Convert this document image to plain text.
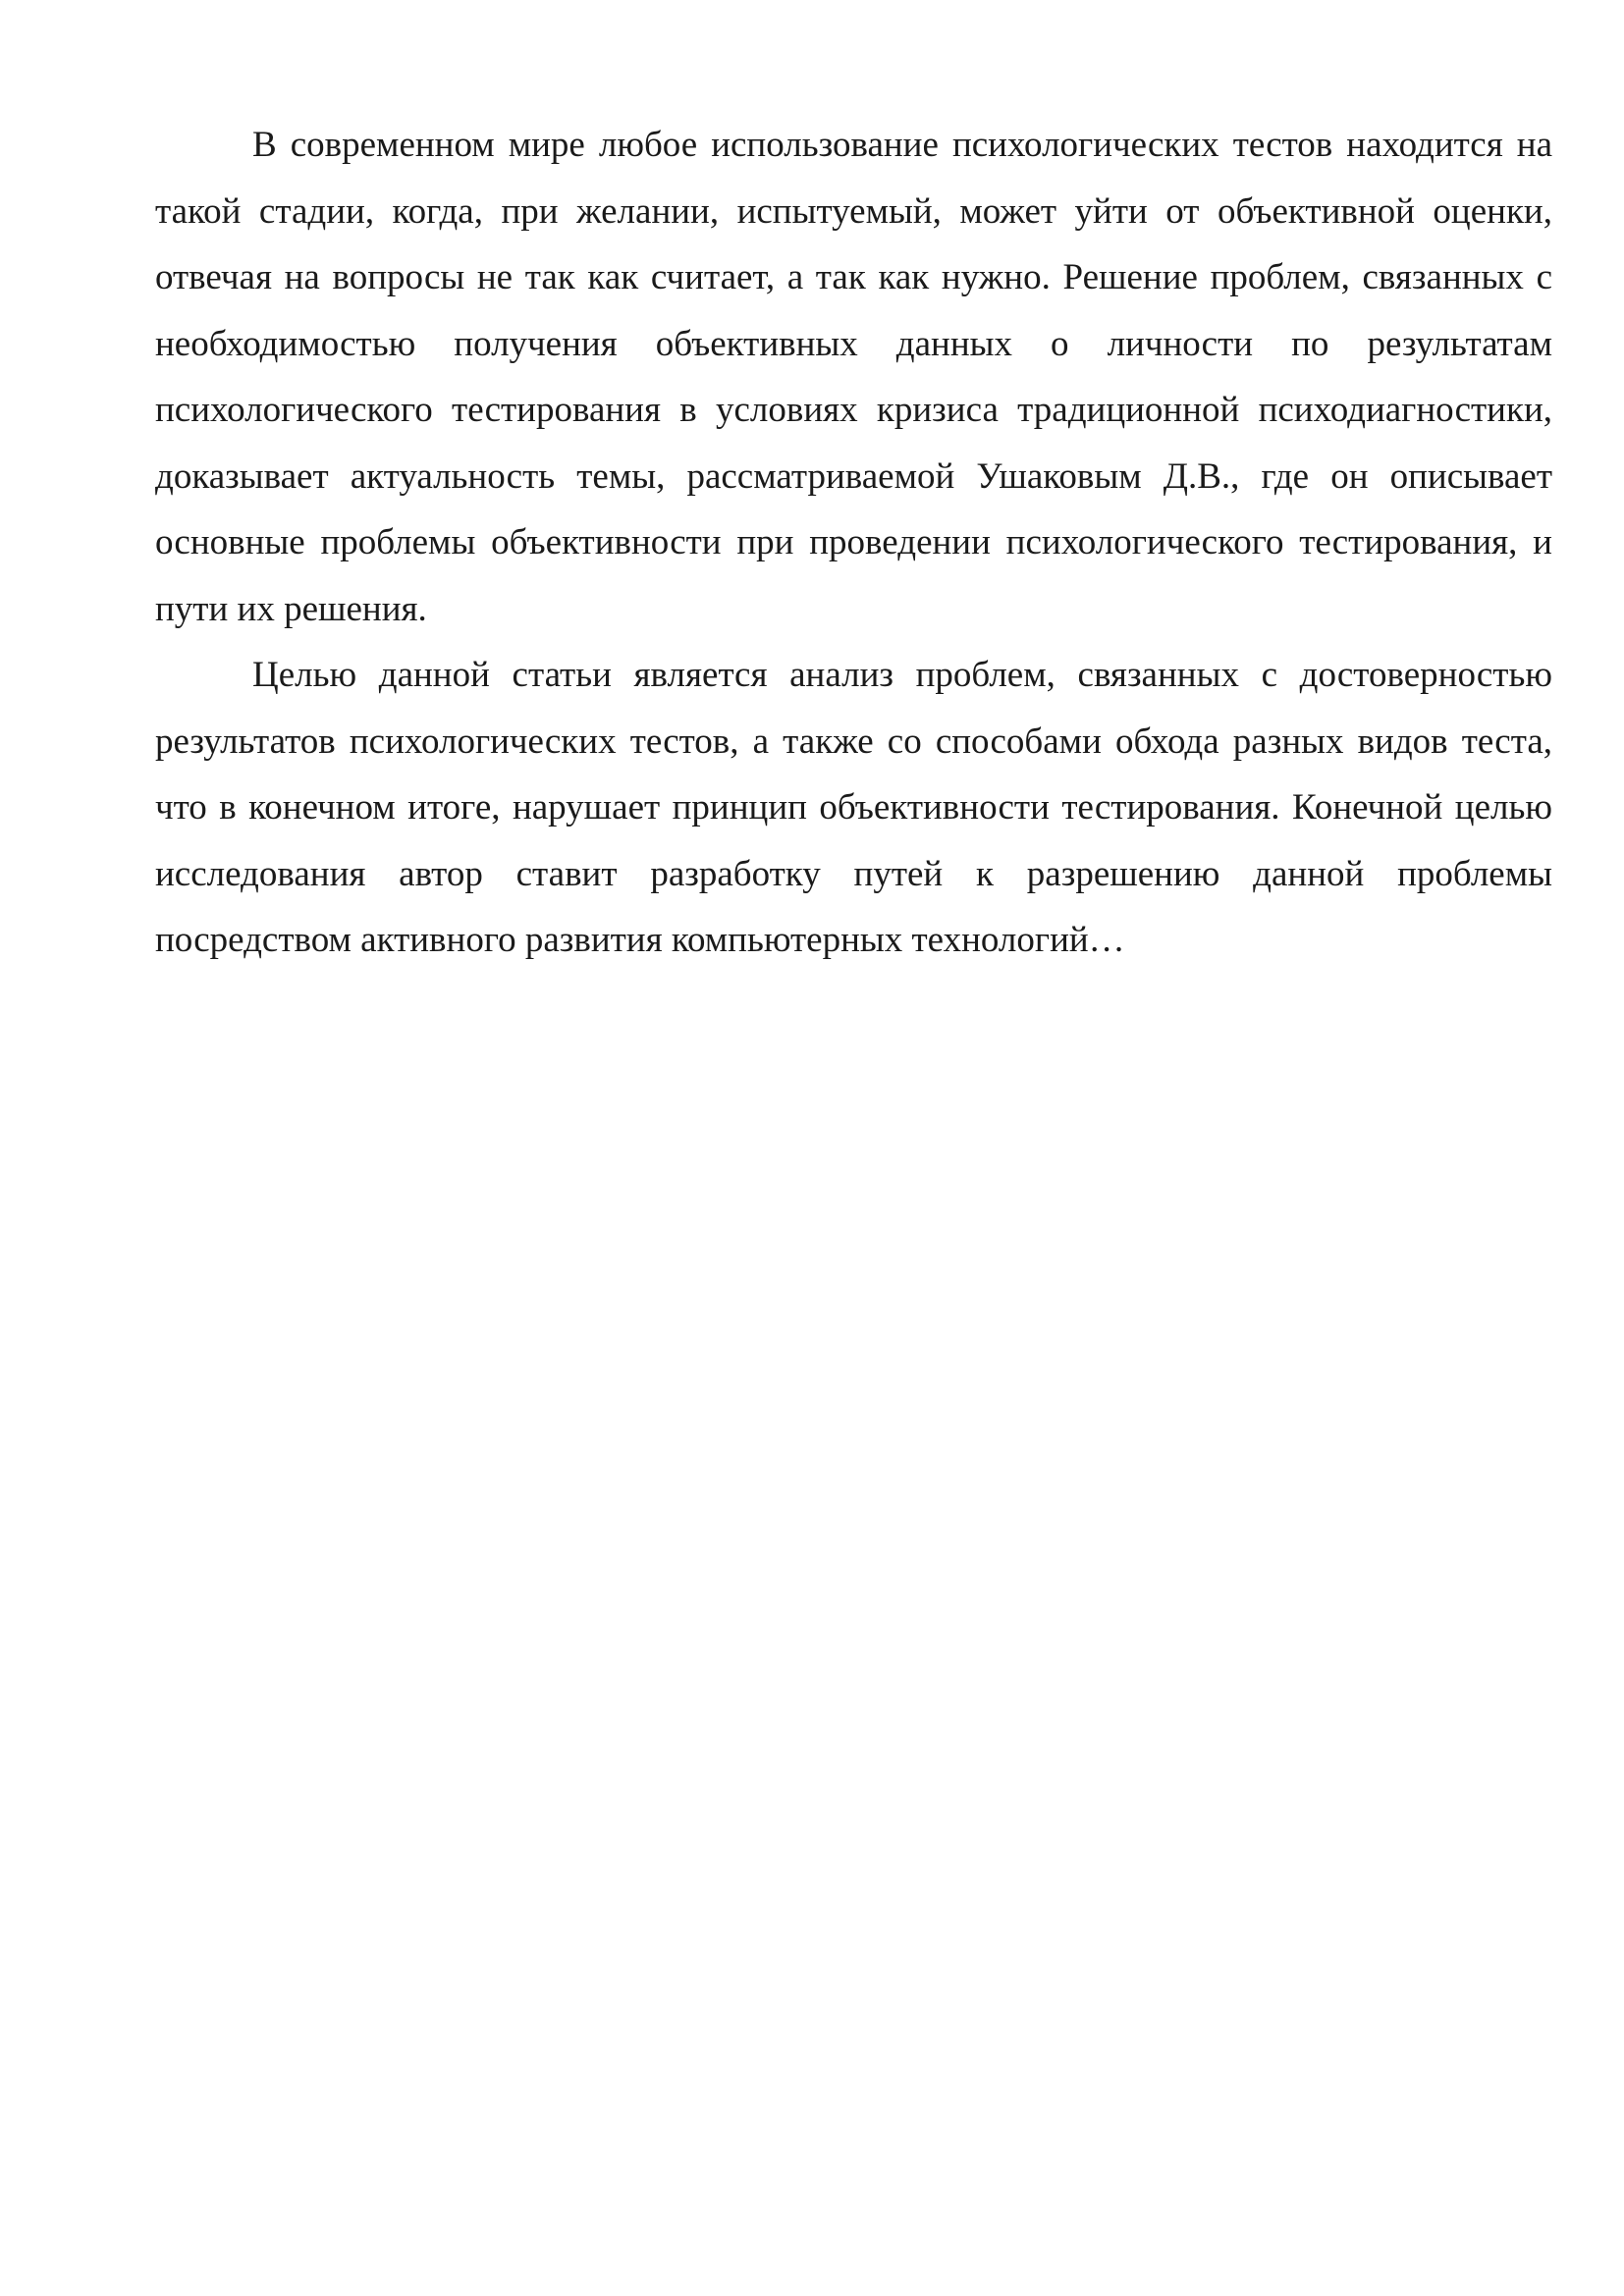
В современном мире любое использование психологических тестов находится на такой стадии, когда, при желании, испытуемый, может уйти от объективной оценки, отвечая на вопросы не так как считает, а так как нужно. Решение проблем, связанных с необходимостью получения объективных данных о личности по результатам психологического тестирования в условиях кризиса традиционной психодиагностики, доказывает актуальность темы, рассматриваемой Ушаковым Д.В., где он описывает основные проблемы объективности при проведении психологического тестирования, и пути их решения.

Целью данной статьи является анализ проблем, связанных с достоверностью результатов психологических тестов, а также со способами обхода разных видов теста, что в конечном итоге, нарушает принцип объективности тестирования. Конечной целью исследования автор ставит разработку путей к разрешению данной проблемы посредством активного развития компьютерных технологий…
